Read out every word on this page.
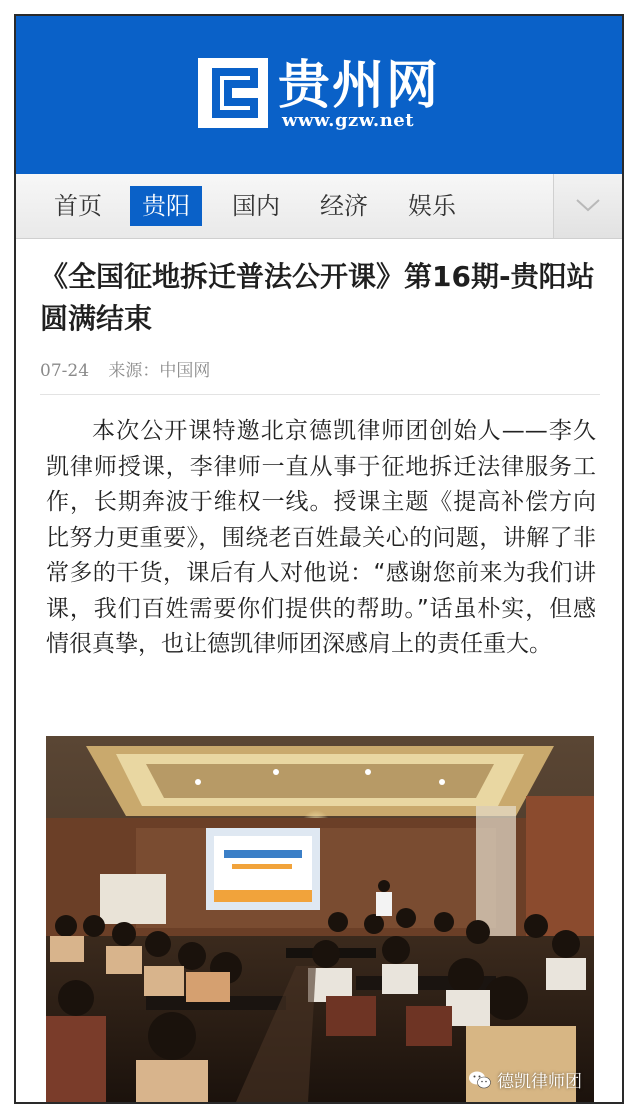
贵州网
www.gzw.net
首页	贵阳	国内	经济	娱乐
《全国征地拆迁普法公开课》第16期-贵阳站 圆满结束
07-24 来源：中国网
本次公开课特邀北京德凯律师团创始人——李久凯律师授课，李律师一直从事于征地拆迁法律服务工作，长期奔波于维权一线。授课主题《提高补偿方向比努力更重要》，围绕老百姓最关心的问题，讲解了非常多的干货，课后有人对他说：“感谢您前来为我们讲课，我们百姓需要你们提供的帮助。”话虽朴实，但感情很真挚，也让德凯律师团深感肩上的责任重大。
德凯律师团
